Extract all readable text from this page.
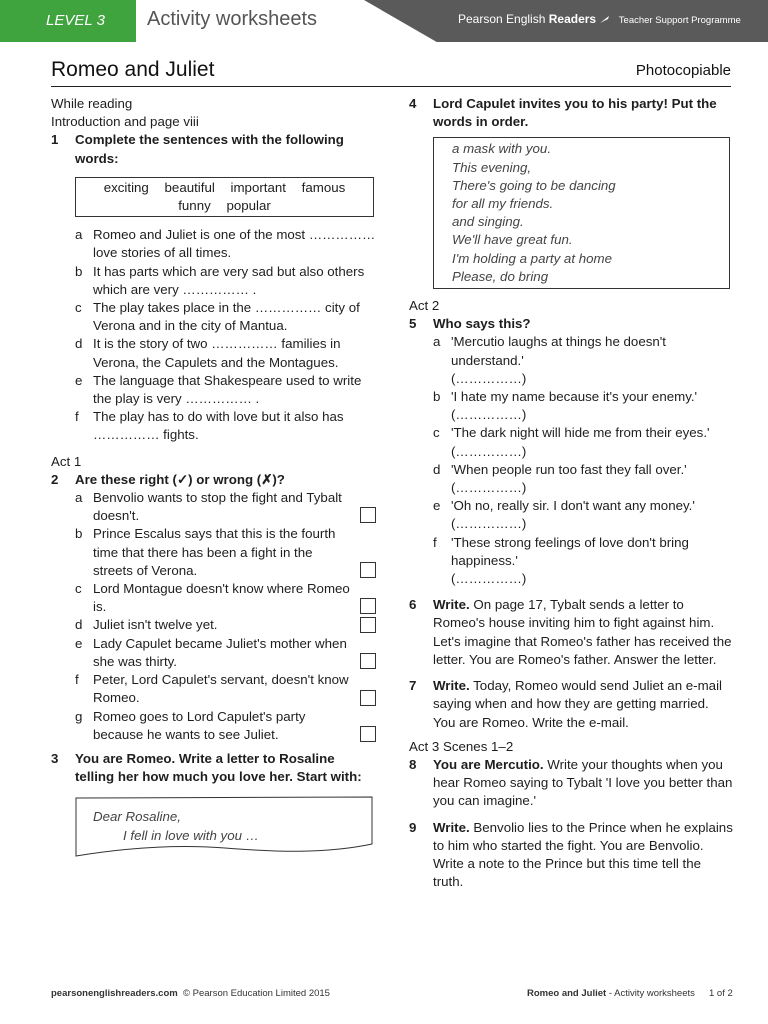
LEVEL 3	Activity worksheets	Pearson English Readers Teacher Support Programme
Romeo and Juliet	Photocopiable
While reading
Introduction and page viii
1	Complete the sentences with the following words:
exciting beautiful important famous
funny popular
a Romeo and Juliet is one of the most …………… love stories of all times.
b It has parts which are very sad but also others which are very …………… .
c The play takes place in the …………… city of Verona and in the city of Mantua.
d It is the story of two …………… families in Verona, the Capulets and the Montagues.
e The language that Shakespeare used to write the play is very …………… .
f	The play has to do with love but it also has …………… fights.
Act 1
2	Are these right (✓) or wrong (✗)?
a Benvolio wants to stop the fight and Tybalt doesn't.
b Prince Escalus says that this is the fourth time that there has been a fight in the streets of Verona.
c Lord Montague doesn't know where Romeo is.
d Juliet isn't twelve yet.
e Lady Capulet became Juliet's mother when she was thirty.
f	Peter, Lord Capulet's servant, doesn't know Romeo.
g Romeo goes to Lord Capulet's party because he wants to see Juliet.
3	You are Romeo. Write a letter to Rosaline telling her how much you love her. Start with:
Dear Rosaline,
I fell in love with you …
4	Lord Capulet invites you to his party! Put the words in order.
a mask with you.
This evening,
There's going to be dancing
for all my friends.
and singing.
We'll have great fun.
I'm holding a party at home
Please, do bring
Act 2
5	Who says this?
a 'Mercutio laughs at things he doesn't understand.'
(……………)
b 'I hate my name because it's your enemy.'
(……………)
c 'The dark night will hide me from their eyes.'
(……………)
d 'When people run too fast they fall over.'
(……………)
e 'Oh no, really sir. I don't want any money.'
(……………)
f	'These strong feelings of love don't bring happiness.'
(……………)
6	Write. On page 17, Tybalt sends a letter to Romeo's house inviting him to fight against him. Let's imagine that Romeo's father has received the letter. You are Romeo's father. Answer the letter.
7	Write. Today, Romeo would send Juliet an e-mail saying when and how they are getting married. You are Romeo. Write the e-mail.
Act 3 Scenes 1–2
8	You are Mercutio. Write your thoughts when you hear Romeo saying to Tybalt 'I love you better than you can imagine.'
9	Write. Benvolio lies to the Prince when he explains to him who started the fight. You are Benvolio. Write a note to the Prince but this time tell the truth.
pearsonenglishreaders.com © Pearson Education Limited 2015	Romeo and Juliet - Activity worksheets 1 of 2
